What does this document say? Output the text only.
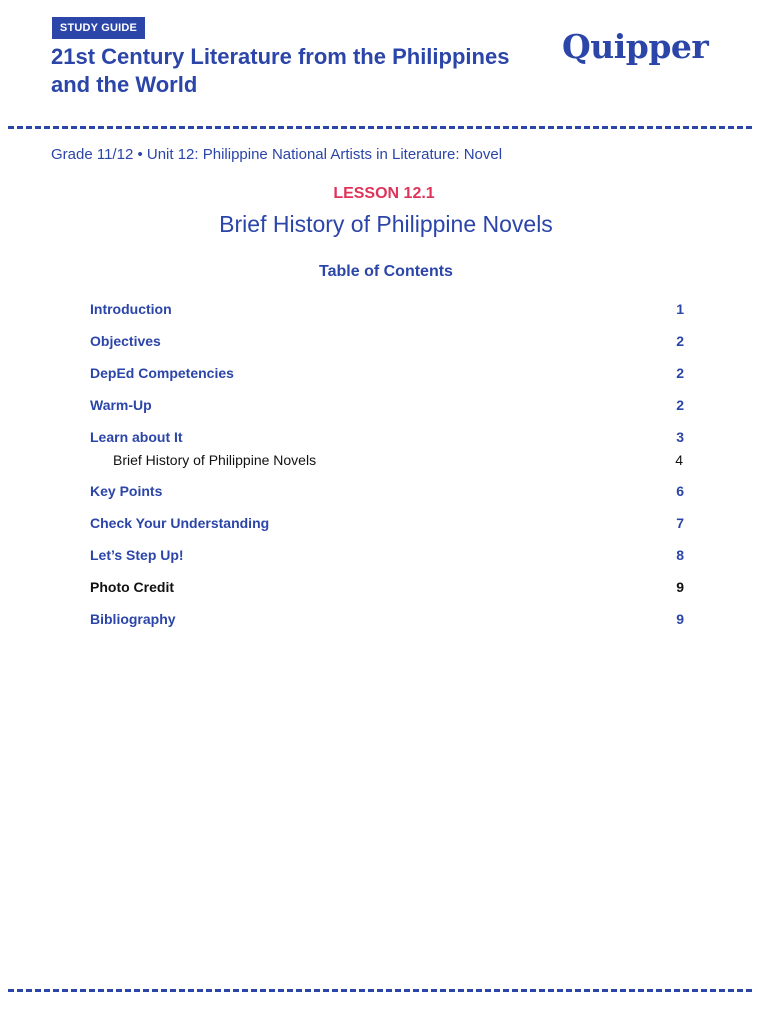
STUDY GUIDE
21st Century Literature from the Philippines
and the World
Quipper
Grade 11/12 • Unit 12: Philippine National Artists in Literature: Novel
LESSON 12.1
Brief History of Philippine Novels
Table of Contents
Introduction	1
Objectives	2
DepEd Competencies	2
Warm-Up	2
Learn about It	3
Brief History of Philippine Novels	4
Key Points	6
Check Your Understanding	7
Let’s Step Up!	8
Photo Credit	9
Bibliography	9
